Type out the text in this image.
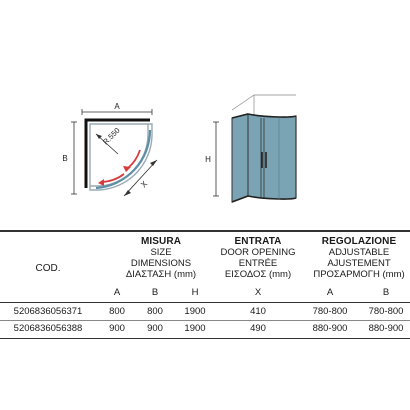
A
B
R.550
X
H
COD.
MISURA
SIZE
DIMENSIONS
ΔΙΑΣΤΑΣΗ (mm)
ENTRATA
DOOR OPENING
ENTRÉE
ΕΙΣΟΔΟΣ (mm)
REGOLAZIONE
ADJUSTABLE
AJUSTEMENT
ΠΡΟΣΑΡΜΟΓΗ (mm)
A	B	H	X	A	B
5206836056371	800 800 1900	410	780-800 780-800
5206836056388	900 900 1900	490	880-900 880-900
